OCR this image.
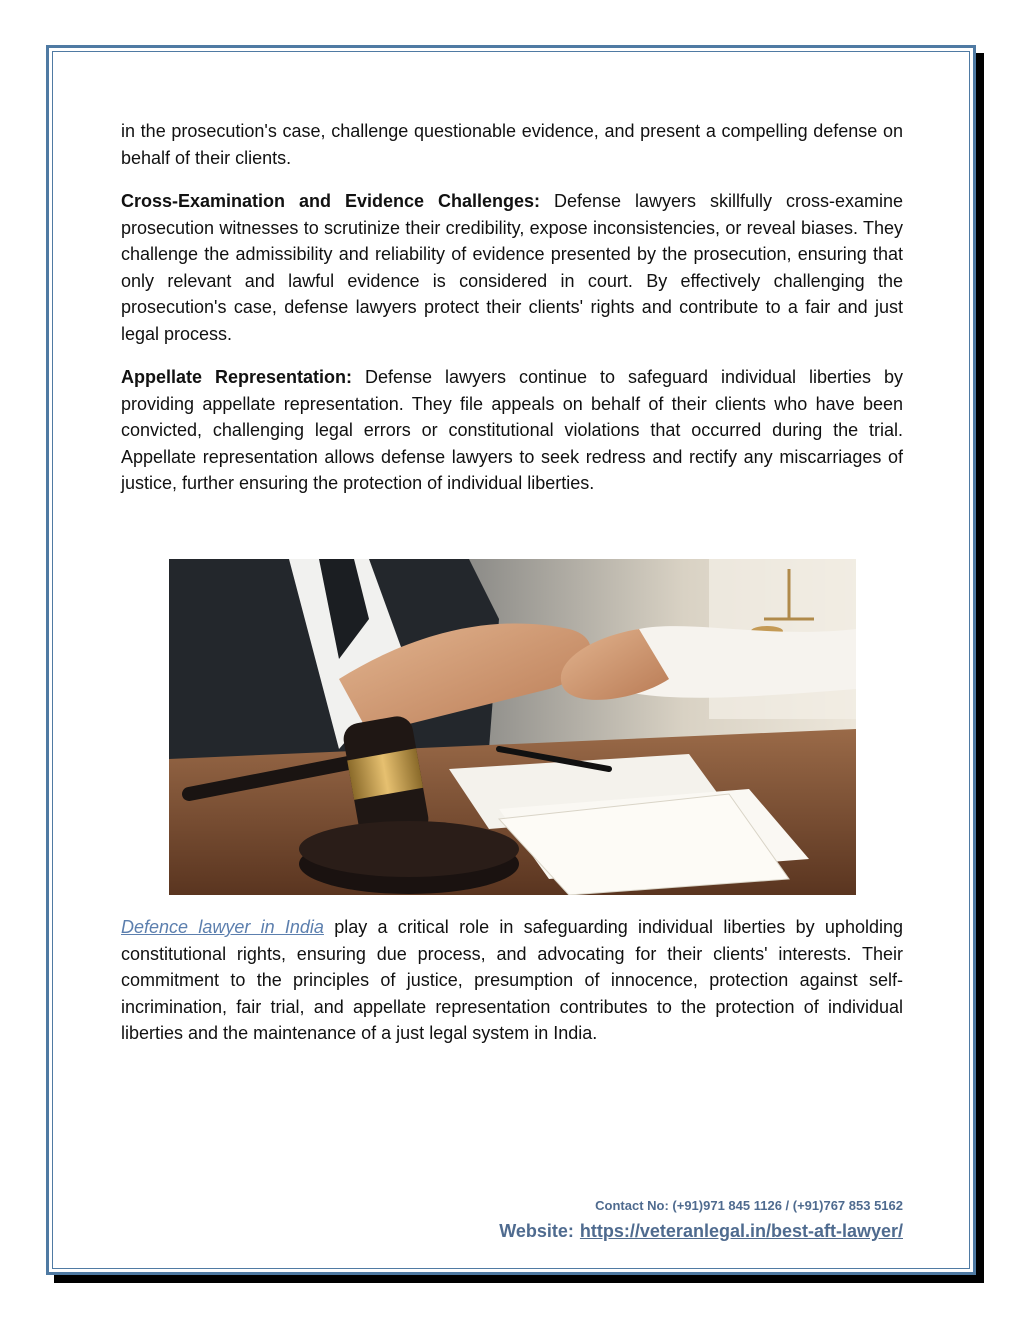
in the prosecution's case, challenge questionable evidence, and present a compelling defense on behalf of their clients.

Cross-Examination and Evidence Challenges: Defense lawyers skillfully cross-examine prosecution witnesses to scrutinize their credibility, expose inconsistencies, or reveal biases. They challenge the admissibility and reliability of evidence presented by the prosecution, ensuring that only relevant and lawful evidence is considered in court. By effectively challenging the prosecution's case, defense lawyers protect their clients' rights and contribute to a fair and just legal process.

Appellate Representation: Defense lawyers continue to safeguard individual liberties by providing appellate representation. They file appeals on behalf of their clients who have been convicted, challenging legal errors or constitutional violations that occurred during the trial. Appellate representation allows defense lawyers to seek redress and rectify any miscarriages of justice, further ensuring the protection of individual liberties.

Defence lawyer in India play a critical role in safeguarding individual liberties by upholding constitutional rights, ensuring due process, and advocating for their clients' interests. Their commitment to the principles of justice, presumption of innocence, protection against self-incrimination, fair trial, and appellate representation contributes to the protection of individual liberties and the maintenance of a just legal system in India.

Contact No: (+91)971 845 1126 / (+91)767 853 5162
Website: https://veteranlegal.in/best-aft-lawyer/
